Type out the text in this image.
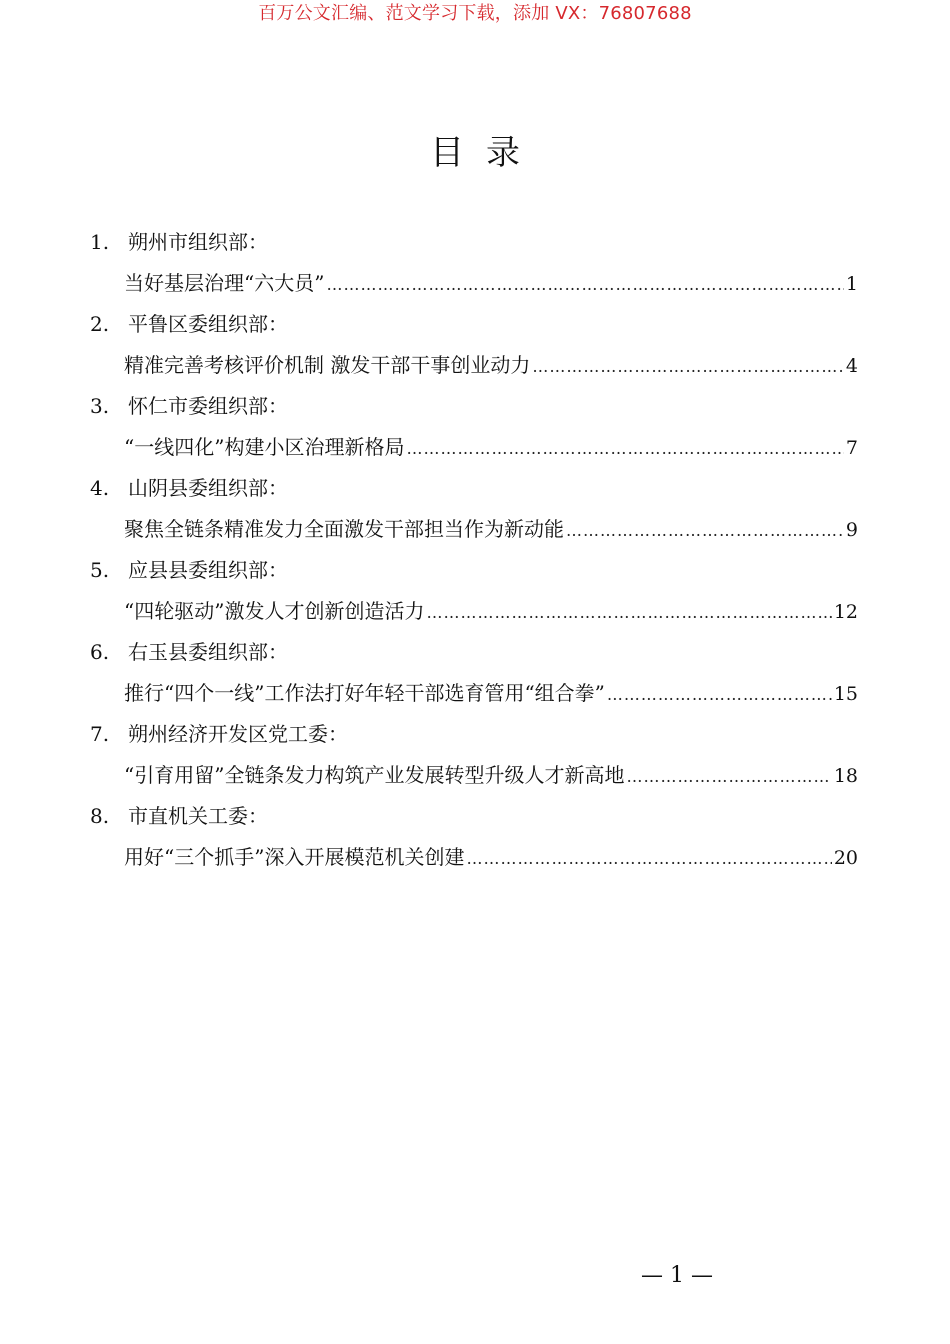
百万公文汇编、范文学习下载，添加 VX：76807688
目录
1. 朔州市组织部：
当好基层治理“六大员” …………………………………………………………………………………………………………………………………	1
2. 平鲁区委组织部：
精准完善考核评价机制 激发干部干事创业动力 …………………………………………………………………………………………………………………………………	4
3. 怀仁市委组织部：
“一线四化”构建小区治理新格局 …………………………………………………………………………………………………………………………………	7
4. 山阴县委组织部：
聚焦全链条精准发力全面激发干部担当作为新动能 …………………………………………………………………………………………………………………………………	9
5. 应县县委组织部：
“四轮驱动”激发人才创新创造活力 …………………………………………………………………………………………………………………………………	12
6. 右玉县委组织部：
推行“四个一线”工作法打好年轻干部选育管用“组合拳” …………………………………………………………………………………………………………………………………	15
7. 朔州经济开发区党工委：
“引育用留”全链条发力构筑产业发展转型升级人才新高地 …………………………………………………………………………………………………………………………………	18
8. 市直机关工委：
用好“三个抓手”深入开展模范机关创建 …………………………………………………………………………………………………………………………………	20
— 1 —
